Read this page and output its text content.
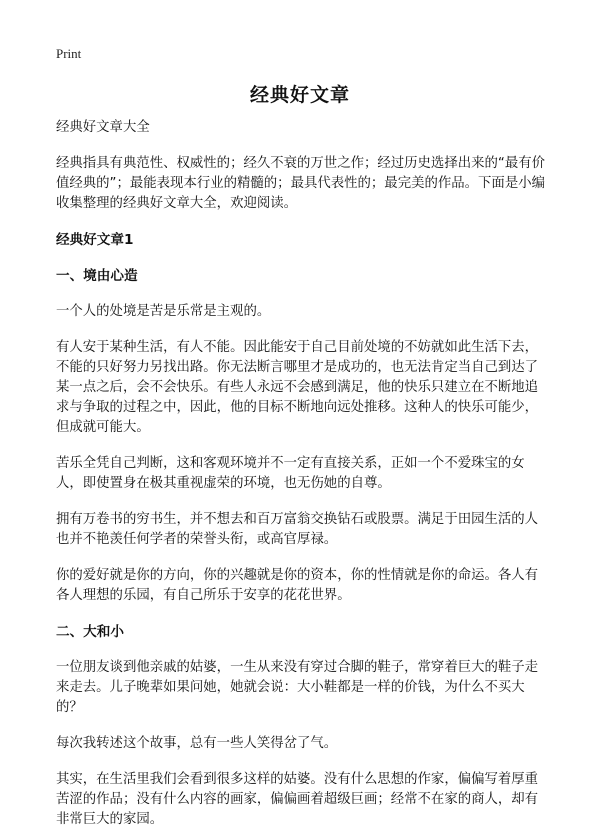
Print
经典好文章

经典好文章大全

经典指具有典范性、权威性的；经久不衰的万世之作；经过历史选择出来的“最有价值经典的”；最能表现本行业的精髓的；最具代表性的；最完美的作品。下面是小编收集整理的经典好文章大全，欢迎阅读。

经典好文章1
一、境由心造

一个人的处境是苦是乐常是主观的。

有人安于某种生活，有人不能。因此能安于自己目前处境的不妨就如此生活下去，不能的只好努力另找出路。你无法断言哪里才是成功的，也无法肯定当自己到达了某一点之后，会不会快乐。有些人永远不会感到满足，他的快乐只建立在不断地追求与争取的过程之中，因此，他的目标不断地向远处推移。这种人的快乐可能少，但成就可能大。

苦乐全凭自己判断，这和客观环境并不一定有直接关系，正如一个不爱珠宝的女人，即使置身在极其重视虚荣的环境，也无伤她的自尊。

拥有万卷书的穷书生，并不想去和百万富翁交换钻石或股票。满足于田园生活的人也并不艳羡任何学者的荣誉头衔，或高官厚禄。

你的爱好就是你的方向，你的兴趣就是你的资本，你的性情就是你的命运。各人有各人理想的乐园，有自己所乐于安享的花花世界。

二、大和小

一位朋友谈到他亲戚的姑婆，一生从来没有穿过合脚的鞋子，常穿着巨大的鞋子走来走去。儿子晚辈如果问她，她就会说：大小鞋都是一样的价钱，为什么不买大的？

每次我转述这个故事，总有一些人笑得岔了气。

其实，在生活里我们会看到很多这样的姑婆。没有什么思想的作家，偏偏写着厚重苦涩的作品；没有什么内容的画家，偏偏画着超级巨画；经常不在家的商人，却有非常巨大的家园。
